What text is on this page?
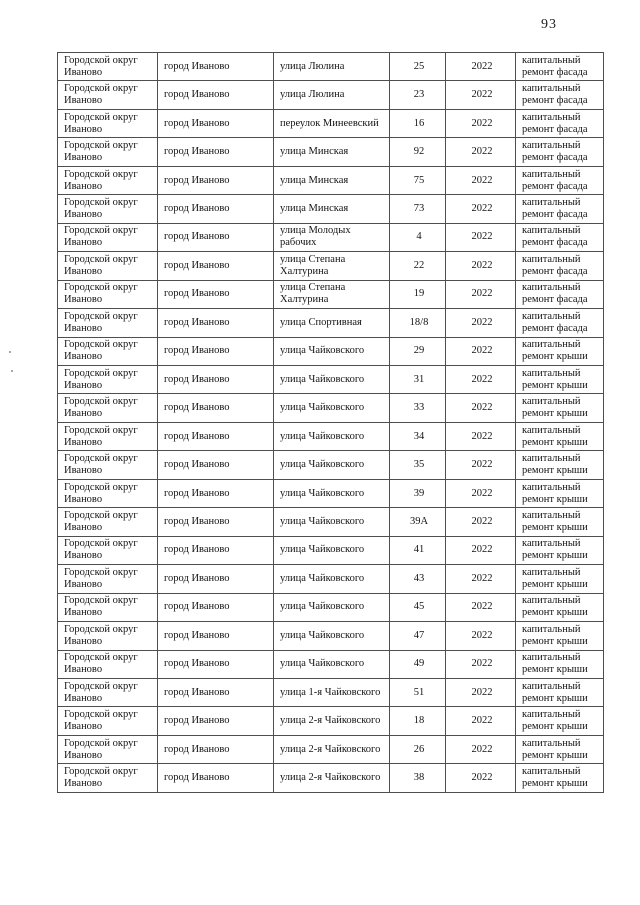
93
Городской округ Иваново	город Иваново	улица Люлина	25	2022	капитальный ремонт фасада
Городской округ Иваново	город Иваново	улица Люлина	23	2022	капитальный ремонт фасада
Городской округ Иваново	город Иваново	переулок Минеевский	16	2022	капитальный ремонт фасада
Городской округ Иваново	город Иваново	улица Минская	92	2022	капитальный ремонт фасада
Городской округ Иваново	город Иваново	улица Минская	75	2022	капитальный ремонт фасада
Городской округ Иваново	город Иваново	улица Минская	73	2022	капитальный ремонт фасада
Городской округ Иваново	город Иваново	улица Молодых рабочих	4	2022	капитальный ремонт фасада
Городской округ Иваново	город Иваново	улица Степана Халтурина	22	2022	капитальный ремонт фасада
Городской округ Иваново	город Иваново	улица Степана Халтурина	19	2022	капитальный ремонт фасада
Городской округ Иваново	город Иваново	улица Спортивная	18/8	2022	капитальный ремонт фасада
Городской округ Иваново	город Иваново	улица Чайковского	29	2022	капитальный ремонт крыши
Городской округ Иваново	город Иваново	улица Чайковского	31	2022	капитальный ремонт крыши
Городской округ Иваново	город Иваново	улица Чайковского	33	2022	капитальный ремонт крыши
Городской округ Иваново	город Иваново	улица Чайковского	34	2022	капитальный ремонт крыши
Городской округ Иваново	город Иваново	улица Чайковского	35	2022	капитальный ремонт крыши
Городской округ Иваново	город Иваново	улица Чайковского	39	2022	капитальный ремонт крыши
Городской округ Иваново	город Иваново	улица Чайковского	39А	2022	капитальный ремонт крыши
Городской округ Иваново	город Иваново	улица Чайковского	41	2022	капитальный ремонт крыши
Городской округ Иваново	город Иваново	улица Чайковского	43	2022	капитальный ремонт крыши
Городской округ Иваново	город Иваново	улица Чайковского	45	2022	капитальный ремонт крыши
Городской округ Иваново	город Иваново	улица Чайковского	47	2022	капитальный ремонт крыши
Городской округ Иваново	город Иваново	улица Чайковского	49	2022	капитальный ремонт крыши
Городской округ Иваново	город Иваново	улица 1-я Чайковского	51	2022	капитальный ремонт крыши
Городской округ Иваново	город Иваново	улица 2-я Чайковского	18	2022	капитальный ремонт крыши
Городской округ Иваново	город Иваново	улица 2-я Чайковского	26	2022	капитальный ремонт крыши
Городской округ Иваново	город Иваново	улица 2-я Чайковского	38	2022	капитальный ремонт крыши
